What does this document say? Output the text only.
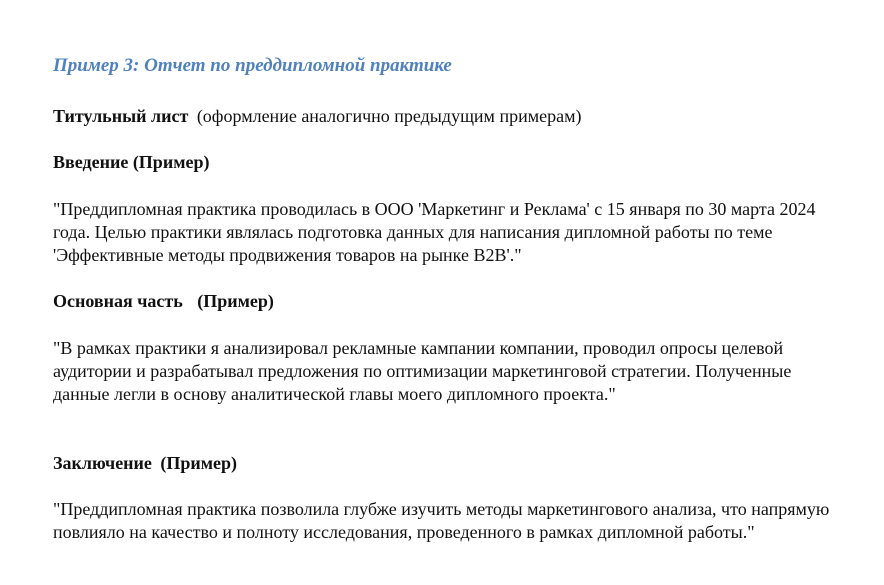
Пример 3: Отчет по преддипломной практике
Титульный лист (оформление аналогично предыдущим примерам)
Введение (Пример)

"Преддипломная практика проводилась в ООО 'Маркетинг и Реклама' с 15 января по 30 марта 2024 года. Целью практики являлась подготовка данных для написания дипломной работы по теме 'Эффективные методы продвижения товаров на рынке B2B'."

Основная часть (Пример)

"В рамках практики я анализировал рекламные кампании компании, проводил опросы целевой аудитории и разрабатывал предложения по оптимизации маркетинговой стратегии. Полученные данные легли в основу аналитической главы моего дипломного проекта."

Заключение (Пример)

"Преддипломная практика позволила глубже изучить методы маркетингового анализа, что напрямую повлияло на качество и полноту исследования, проведенного в рамках дипломной работы."
